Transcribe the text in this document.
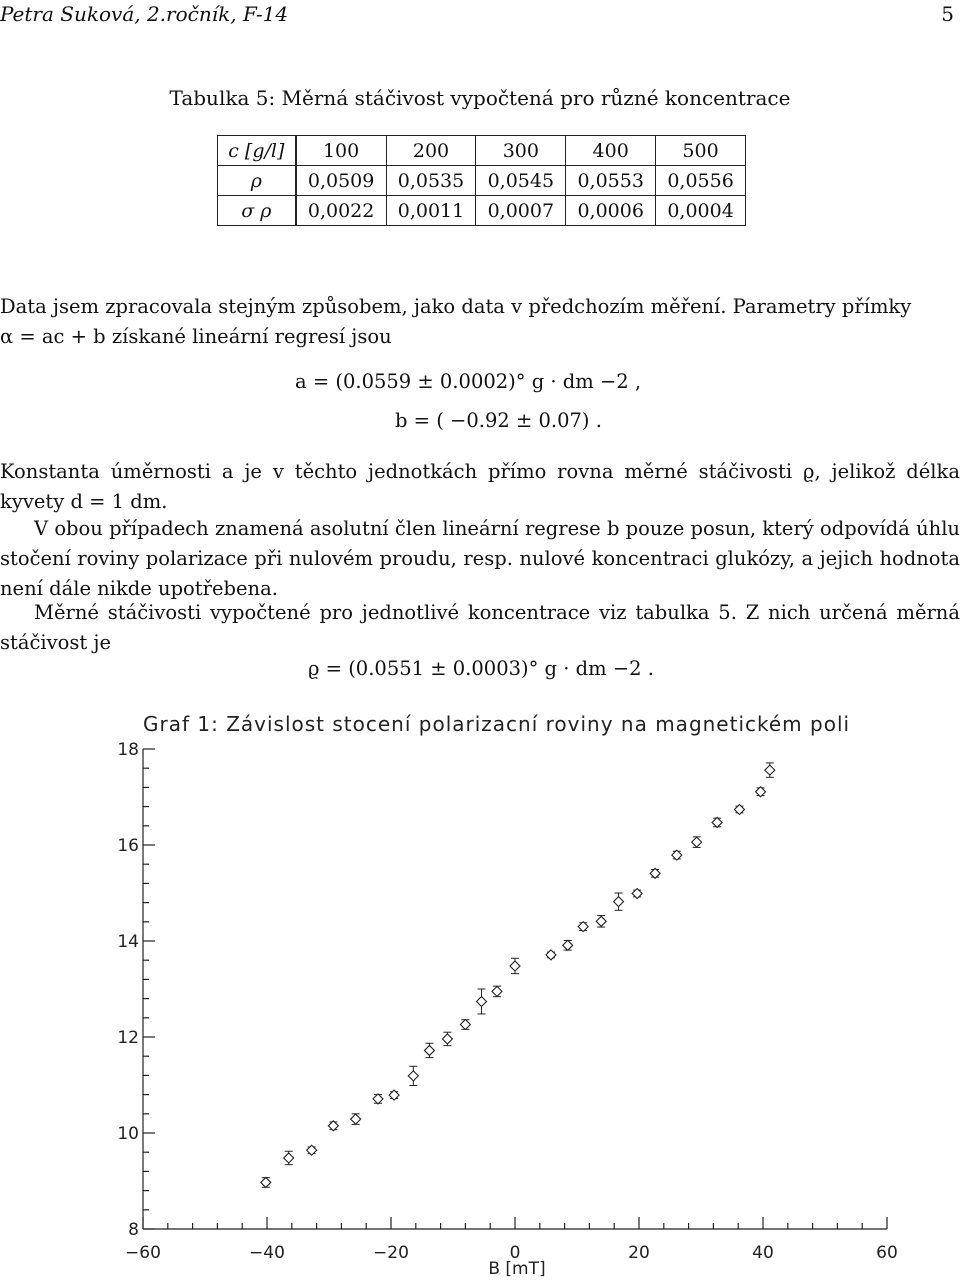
Petra Suková, 2.ročník, F-14	5
Tabulka 5: Měrná stáčivost vypočtená pro různé koncentrace
c [g/l]	100	200	300	400	500
ρ	0,0509	0,0535	0,0545	0,0553	0,0556
σ ρ	0,0022	0,0011	0,0007	0,0006	0,0004

Data jsem zpracovala stejným způsobem, jako data v předchozím měření. Parametry přímky

α = ac + b získané lineární regresí jsou

a = (0.0559 ± 0.0002)° g · dm −2 ,
b = ( −0.92 ± 0.07) .

Konstanta úměrnosti a je v těchto jednotkách přímo rovna měrné stáčivosti ϱ, jelikož délka kyvety d = 1 dm.

V obou případech znamená asolutní člen lineární regrese b pouze posun, který odpovídá úhlu stočení roviny polarizace při nulovém proudu, resp. nulové koncentraci glukózy, a jejich hodnota není dále nikde upotřebena.

Měrné stáčivosti vypočtené pro jednotlivé koncentrace viz tabulka 5. Z nich určená měrná stáčivost je

ϱ = (0.0551 ± 0.0003)° g · dm −2 .
Graf 1: Závislost stocení polarizacní roviny na magnetickém poli
−60	−40	−20	0	20	40	60
8
10
12
14
16
18
B [mT]
